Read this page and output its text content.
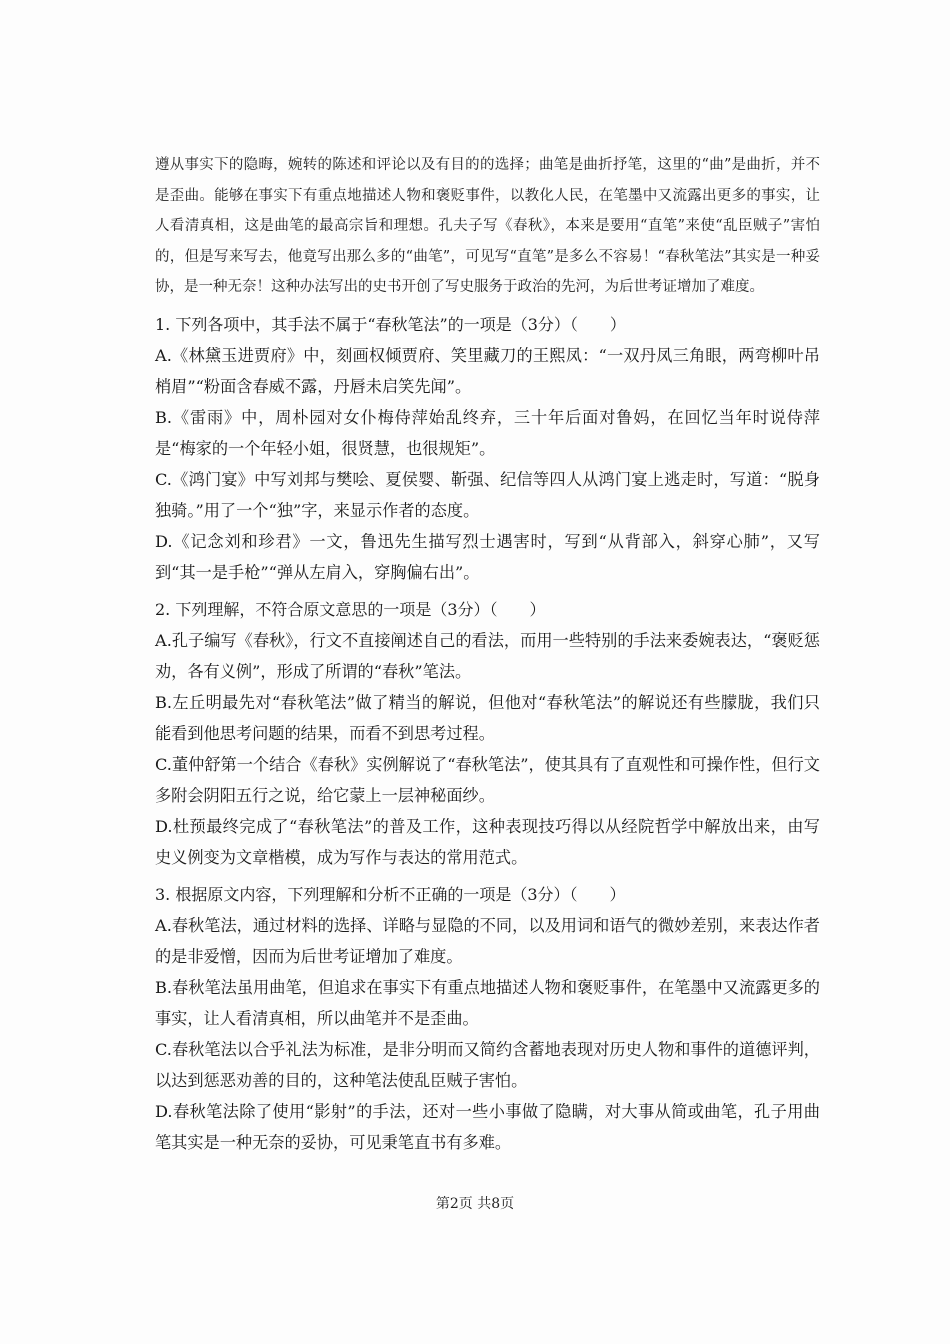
遵从事实下的隐晦，婉转的陈述和评论以及有目的的选择；曲笔是曲折抒笔，这里的“曲”是曲折，并不是歪曲。能够在事实下有重点地描述人物和褒贬事件，以教化人民，在笔墨中又流露出更多的事实，让人看清真相，这是曲笔的最高宗旨和理想。孔夫子写《春秋》，本来是要用“直笔”来使“乱臣贼子”害怕的，但是写来写去，他竟写出那么多的“曲笔”，可见写“直笔”是多么不容易！“春秋笔法”其实是一种妥协，是一种无奈！这种办法写出的史书开创了写史服务于政治的先河，为后世考证增加了难度。

1. 下列各项中，其手法不属于“春秋笔法”的一项是（3分）（　　）

A.《林黛玉进贾府》中，刻画权倾贾府、笑里藏刀的王熙凤：“一双丹凤三角眼，两弯柳叶吊梢眉”“粉面含春威不露，丹唇未启笑先闻”。

B.《雷雨》中，周朴园对女仆梅侍萍始乱终弃，三十年后面对鲁妈，在回忆当年时说侍萍是“梅家的一个年轻小姐，很贤慧，也很规矩”。

C.《鸿门宴》中写刘邦与樊哙、夏侯婴、靳强、纪信等四人从鸿门宴上逃走时，写道：“脱身独骑。”用了一个“独”字，来显示作者的态度。

D.《记念刘和珍君》一文，鲁迅先生描写烈士遇害时，写到“从背部入，斜穿心肺”，又写到“其一是手枪”“弹从左肩入，穿胸偏右出”。

2. 下列理解，不符合原文意思的一项是（3分）（　　）

A.孔子编写《春秋》，行文不直接阐述自己的看法，而用一些特别的手法来委婉表达，“褒贬惩劝，各有义例”，形成了所谓的“春秋”笔法。

B.左丘明最先对“春秋笔法”做了精当的解说，但他对“春秋笔法”的解说还有些朦胧，我们只能看到他思考问题的结果，而看不到思考过程。

C.董仲舒第一个结合《春秋》实例解说了“春秋笔法”，使其具有了直观性和可操作性，但行文多附会阴阳五行之说，给它蒙上一层神秘面纱。

D.杜预最终完成了“春秋笔法”的普及工作，这种表现技巧得以从经院哲学中解放出来，由写史义例变为文章楷模，成为写作与表达的常用范式。

3. 根据原文内容，下列理解和分析不正确的一项是（3分）（　　）

A.春秋笔法，通过材料的选择、详略与显隐的不同，以及用词和语气的微妙差别，来表达作者的是非爱憎，因而为后世考证增加了难度。

B.春秋笔法虽用曲笔，但追求在事实下有重点地描述人物和褒贬事件，在笔墨中又流露更多的事实，让人看清真相，所以曲笔并不是歪曲。

C.春秋笔法以合乎礼法为标准，是非分明而又简约含蓄地表现对历史人物和事件的道德评判，以达到惩恶劝善的目的，这种笔法使乱臣贼子害怕。

D.春秋笔法除了使用“影射”的手法，还对一些小事做了隐瞒，对大事从简或曲笔，孔子用曲笔其实是一种无奈的妥协，可见秉笔直书有多难。

第2页 共8页
